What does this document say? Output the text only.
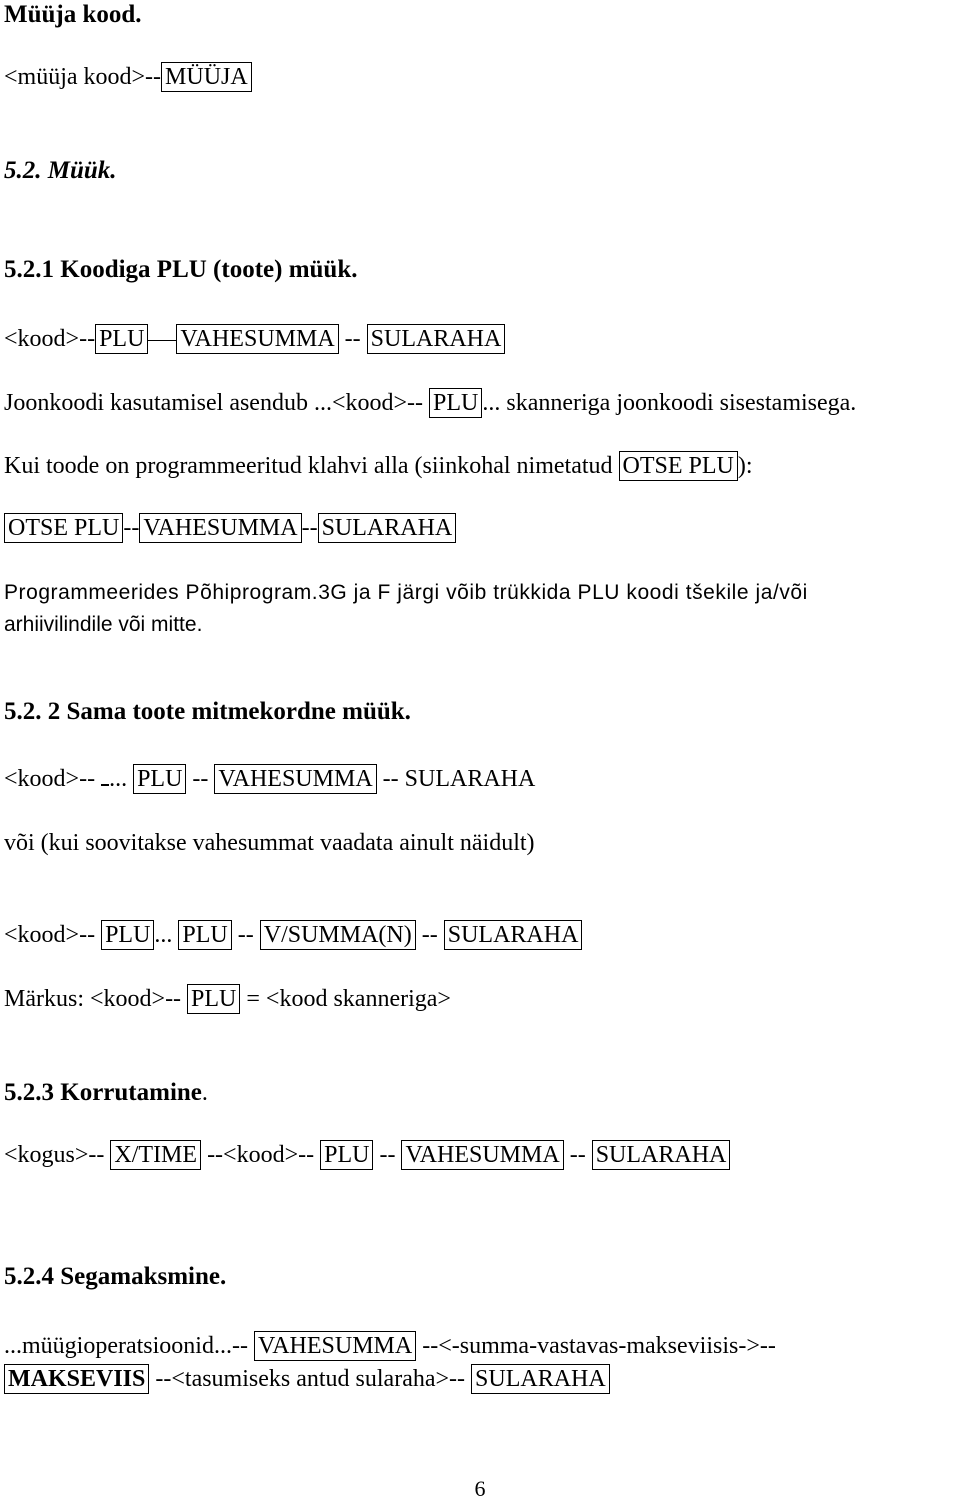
Müüja kood.
<müüja kood>-- MÜÜJA
5.2. Müük.
5.2.1 Koodiga PLU (toote) müük.
<kood>-- PLU VAHESUMMA -- SULARAHA
Joonkoodi kasutamisel asendub ...<kood>-- PLU ... skanneriga joonkoodi sisestamisega.
Kui toode on programmeeritud klahvi alla (siinkohal nimetatud OTSE PLU ):
OTSE PLU -- VAHESUMMA -- SULARAHA
Programmeerides Põhiprogram.3G ja F järgi võib trükkida PLU koodi tšekile ja/või
arhiivilindile või mitte.
5.2. 2 Sama toote mitmekordne müük.
<kood>-- ... PLU -- VAHESUMMA -- SULARAHA
või (kui soovitakse vahesummat vaadata ainult näidult)
<kood>-- PLU ... PLU -- V/SUMMA(N) -- SULARAHA
Märkus: <kood>-- PLU = <kood skanneriga>
5.2.3 Korrutamine.
<kogus>-- X/TIME --<kood>-- PLU -- VAHESUMMA -- SULARAHA
5.2.4 Segamaksmine.
...müügioperatsioonid...-- VAHESUMMA --<-summa-vastavas-makseviisis->--
MAKSEVIIS --<tasumiseks antud sularaha>-- SULARAHA
6
